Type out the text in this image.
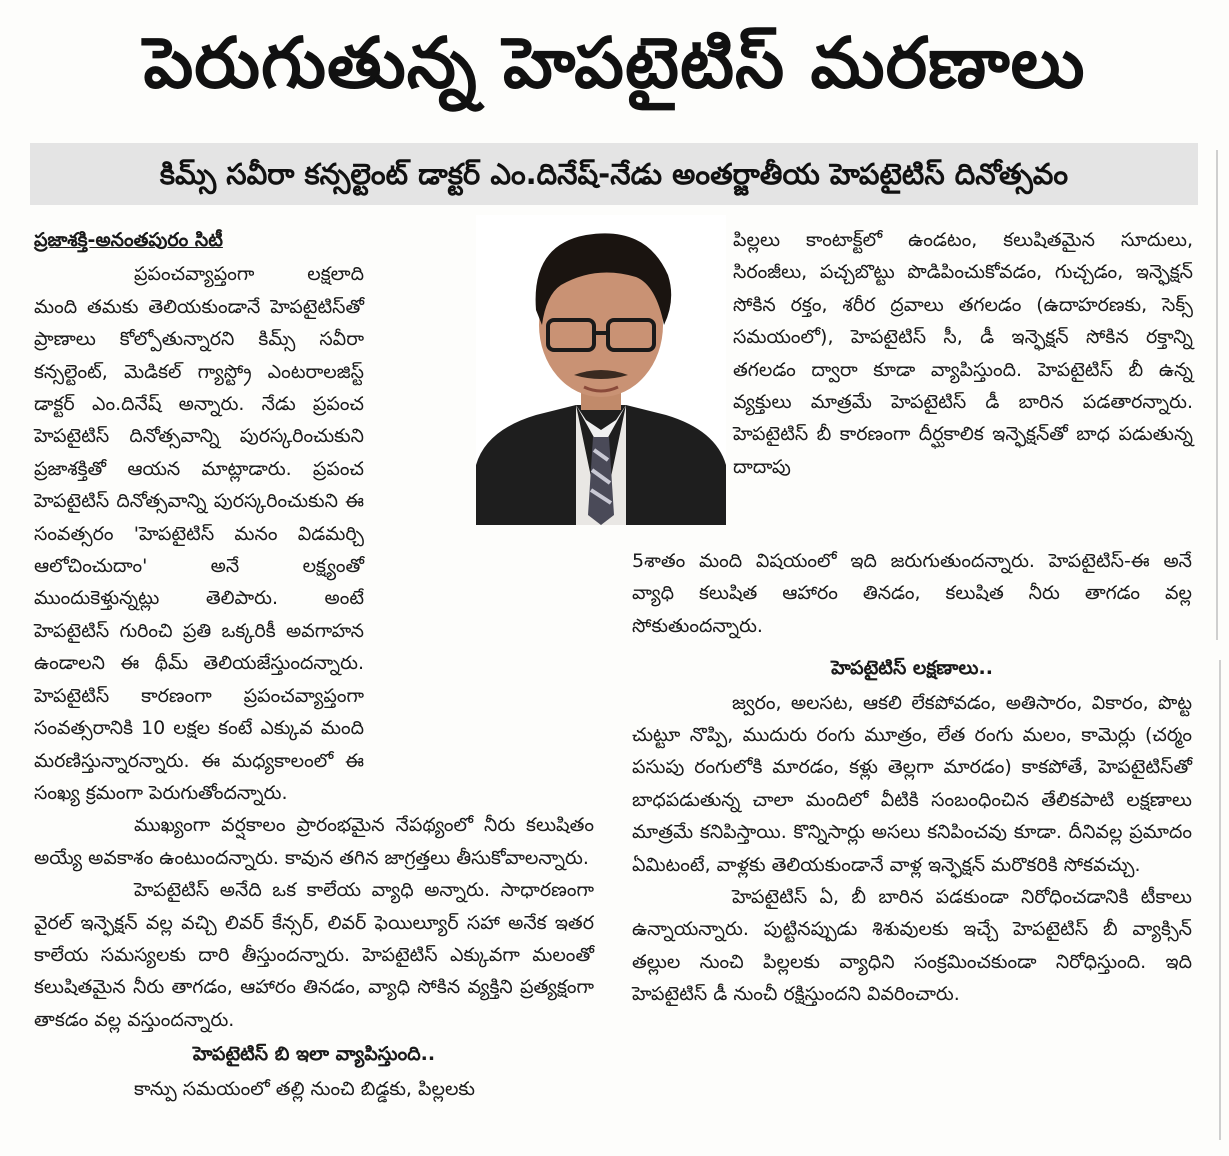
పెరుగుతున్న హెపటైటిస్ మరణాలు
కిమ్స్ సవీరా కన్సల్టెంట్ డాక్టర్ ఎం.దినేష్-నేడు అంతర్జాతీయ హెపటైటిస్ దినోత్సవం

ప్రజాశక్తి-అనంతపురం సిటీ

ప్రపంచవ్యాప్తంగా లక్షలాది మంది తమకు తెలియకుండానే హెపటైటిస్‌తో ప్రాణాలు కోల్పోతున్నారని కిమ్స్ సవీరా కన్సల్టెంట్, మెడికల్ గ్యాస్ట్రో ఎంటరాలజిస్ట్ డాక్టర్ ఎం.దినేష్ అన్నారు. నేడు ప్రపంచ హెపటైటిస్ దినోత్సవాన్ని పురస్కరించుకుని ప్రజాశక్తితో ఆయన మాట్లాడారు. ప్రపంచ హెపటైటిస్ దినోత్సవాన్ని పురస్కరించుకుని ఈ సంవత్సరం 'హెపటైటిస్ మనం విడమర్చి ఆలోచించుదాం' అనే లక్ష్యంతో ముందుకెళ్తున్నట్లు తెలిపారు. అంటే హెపటైటిస్ గురించి ప్రతి ఒక్కరికీ అవగాహన ఉండాలని ఈ థీమ్ తెలియజేస్తుందన్నారు. హెపటైటిస్ కారణంగా ప్రపంచవ్యాప్తంగా సంవత్సరానికి 10 లక్షల కంటే ఎక్కువ మంది మరణిస్తున్నారన్నారు. ఈ మధ్యకాలంలో ఈ సంఖ్య క్రమంగా పెరుగుతోందన్నారు.

ముఖ్యంగా వర్షకాలం ప్రారంభమైన నేపథ్యంలో నీరు కలుషితం అయ్యే అవకాశం ఉంటుందన్నారు. కావున తగిన జాగ్రత్తలు తీసుకోవాలన్నారు.

హెపటైటిస్ అనేది ఒక కాలేయ వ్యాధి అన్నారు. సాధారణంగా వైరల్ ఇన్ఫెక్షన్ వల్ల వచ్చి లివర్ కేన్సర్, లివర్ ఫెయిల్యూర్ సహా అనేక ఇతర కాలేయ సమస్యలకు దారి తీస్తుందన్నారు. హెపటైటిస్ ఎక్కువగా మలంతో కలుషితమైన నీరు తాగడం, ఆహారం తినడం, వ్యాధి సోకిన వ్యక్తిని ప్రత్యక్షంగా తాకడం వల్ల వస్తుందన్నారు.

హెపటైటిస్ బి ఇలా వ్యాపిస్తుంది..

కాన్పు సమయంలో తల్లి నుంచి బిడ్డకు, పిల్లలకు

పిల్లలు కాంటాక్ట్‌లో ఉండటం, కలుషితమైన సూదులు, సిరంజీలు, పచ్చబొట్టు పొడిపించుకోవడం, గుచ్చడం, ఇన్ఫెక్షన్ సోకిన రక్తం, శరీర ద్రవాలు తగలడం (ఉదాహరణకు, సెక్స్ సమయంలో), హెపటైటిస్ సీ, డీ ఇన్ఫెక్షన్ సోకిన రక్తాన్ని తగలడం ద్వారా కూడా వ్యాపిస్తుంది. హెపటైటిస్ బీ ఉన్న వ్యక్తులు మాత్రమే హెపటైటిస్ డీ బారిన పడతారన్నారు. హెపటైటిస్ బీ కారణంగా దీర్ఘకాలిక ఇన్ఫెక్షన్‌తో బాధ పడుతున్న దాదాపు

5శాతం మంది విషయంలో ఇది జరుగుతుందన్నారు. హెపటైటిస్-ఈ అనే వ్యాధి కలుషిత ఆహారం తినడం, కలుషిత నీరు తాగడం వల్ల సోకుతుందన్నారు.

హెపటైటిస్ లక్షణాలు..

జ్వరం, అలసట, ఆకలి లేకపోవడం, అతిసారం, వికారం, పొట్ట చుట్టూ నొప్పి, ముదురు రంగు మూత్రం, లేత రంగు మలం, కామెర్లు (చర్మం పసుపు రంగులోకి మారడం, కళ్లు తెల్లగా మారడం) కాకపోతే, హెపటైటిస్‌తో బాధపడుతున్న చాలా మందిలో వీటికి సంబంధించిన తేలికపాటి లక్షణాలు మాత్రమే కనిపిస్తాయి. కొన్నిసార్లు అసలు కనిపించవు కూడా. దీనివల్ల ప్రమాదం ఏమిటంటే, వాళ్లకు తెలియకుండానే వాళ్ల ఇన్ఫెక్షన్ మరొకరికి సోకవచ్చు.

హెపటైటిస్ ఏ, బీ బారిన పడకుండా నిరోధించడానికి టీకాలు ఉన్నాయన్నారు. పుట్టినప్పుడు శిశువులకు ఇచ్చే హెపటైటిస్ బీ వ్యాక్సిన్ తల్లుల నుంచి పిల్లలకు వ్యాధిని సంక్రమించకుండా నిరోధిస్తుంది. ఇది హెపటైటిస్ డీ నుంచీ రక్షిస్తుందని వివరించారు.
